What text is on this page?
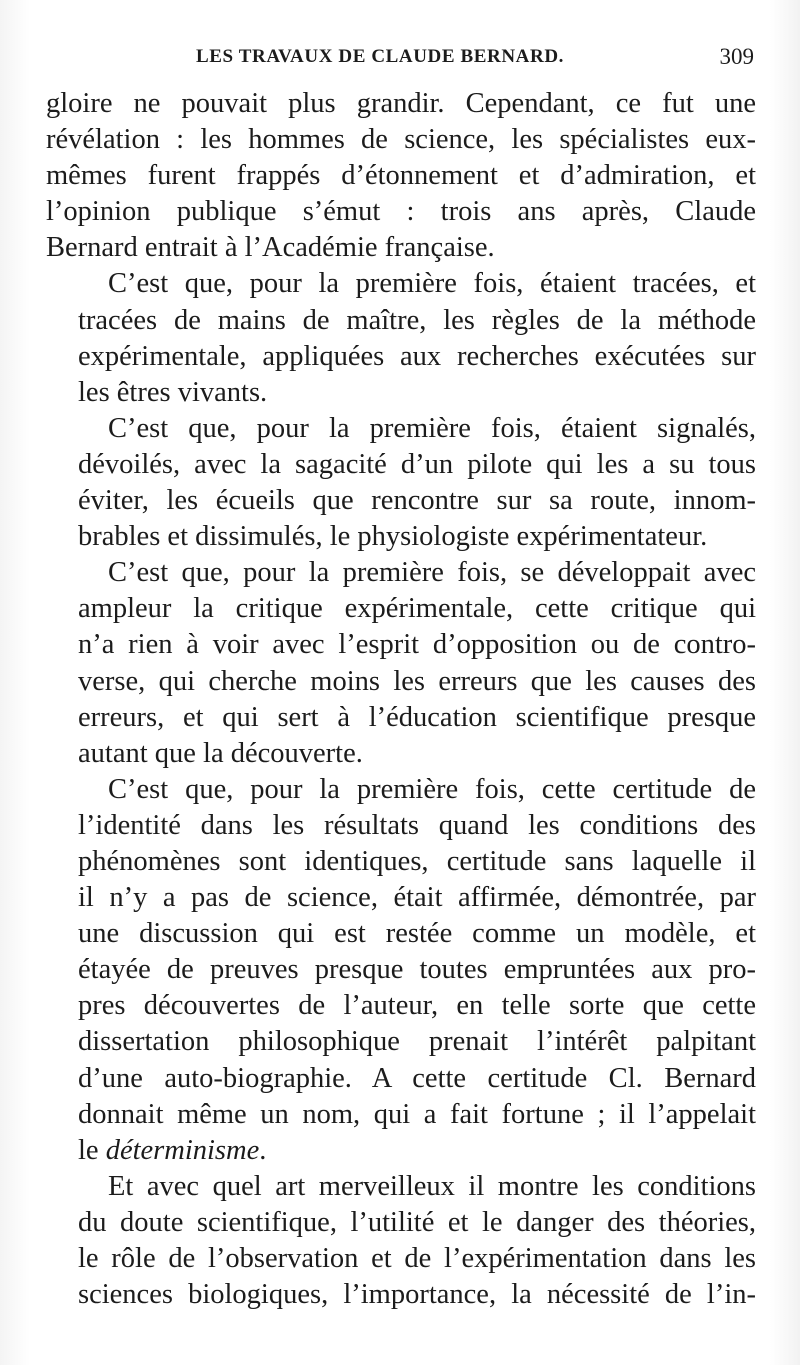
LES TRAVAUX DE CLAUDE BERNARD.	309
gloire ne pouvait plus grandir. Cependant, ce fut une
révélation : les hommes de science, les spécialistes eux-
mêmes furent frappés d’étonnement et d’admiration, et
l’opinion publique s’émut : trois ans après, Claude
Bernard entrait à l’Académie française.
C’est que, pour la première fois, étaient tracées, et
tracées de mains de maître, les règles de la méthode
expérimentale, appliquées aux recherches exécutées sur
les êtres vivants.
C’est que, pour la première fois, étaient signalés,
dévoilés, avec la sagacité d’un pilote qui les a su tous
éviter, les écueils que rencontre sur sa route, innom-
brables et dissimulés, le physiologiste expérimentateur.
C’est que, pour la première fois, se développait avec
ampleur la critique expérimentale, cette critique qui
n’a rien à voir avec l’esprit d’opposition ou de contro-
verse, qui cherche moins les erreurs que les causes des
erreurs, et qui sert à l’éducation scientifique presque
autant que la découverte.
C’est que, pour la première fois, cette certitude de
l’identité dans les résultats quand les conditions des
phénomènes sont identiques, certitude sans laquelle il
il n’y a pas de science, était affirmée, démontrée, par
une discussion qui est restée comme un modèle, et
étayée de preuves presque toutes empruntées aux pro-
pres découvertes de l’auteur, en telle sorte que cette
dissertation philosophique prenait l’intérêt palpitant
d’une auto-biographie. A cette certitude Cl. Bernard
donnait même un nom, qui a fait fortune ; il l’appelait
le déterminisme.
Et avec quel art merveilleux il montre les conditions
du doute scientifique, l’utilité et le danger des théories,
le rôle de l’observation et de l’expérimentation dans les
sciences biologiques, l’importance, la nécessité de l’in-
